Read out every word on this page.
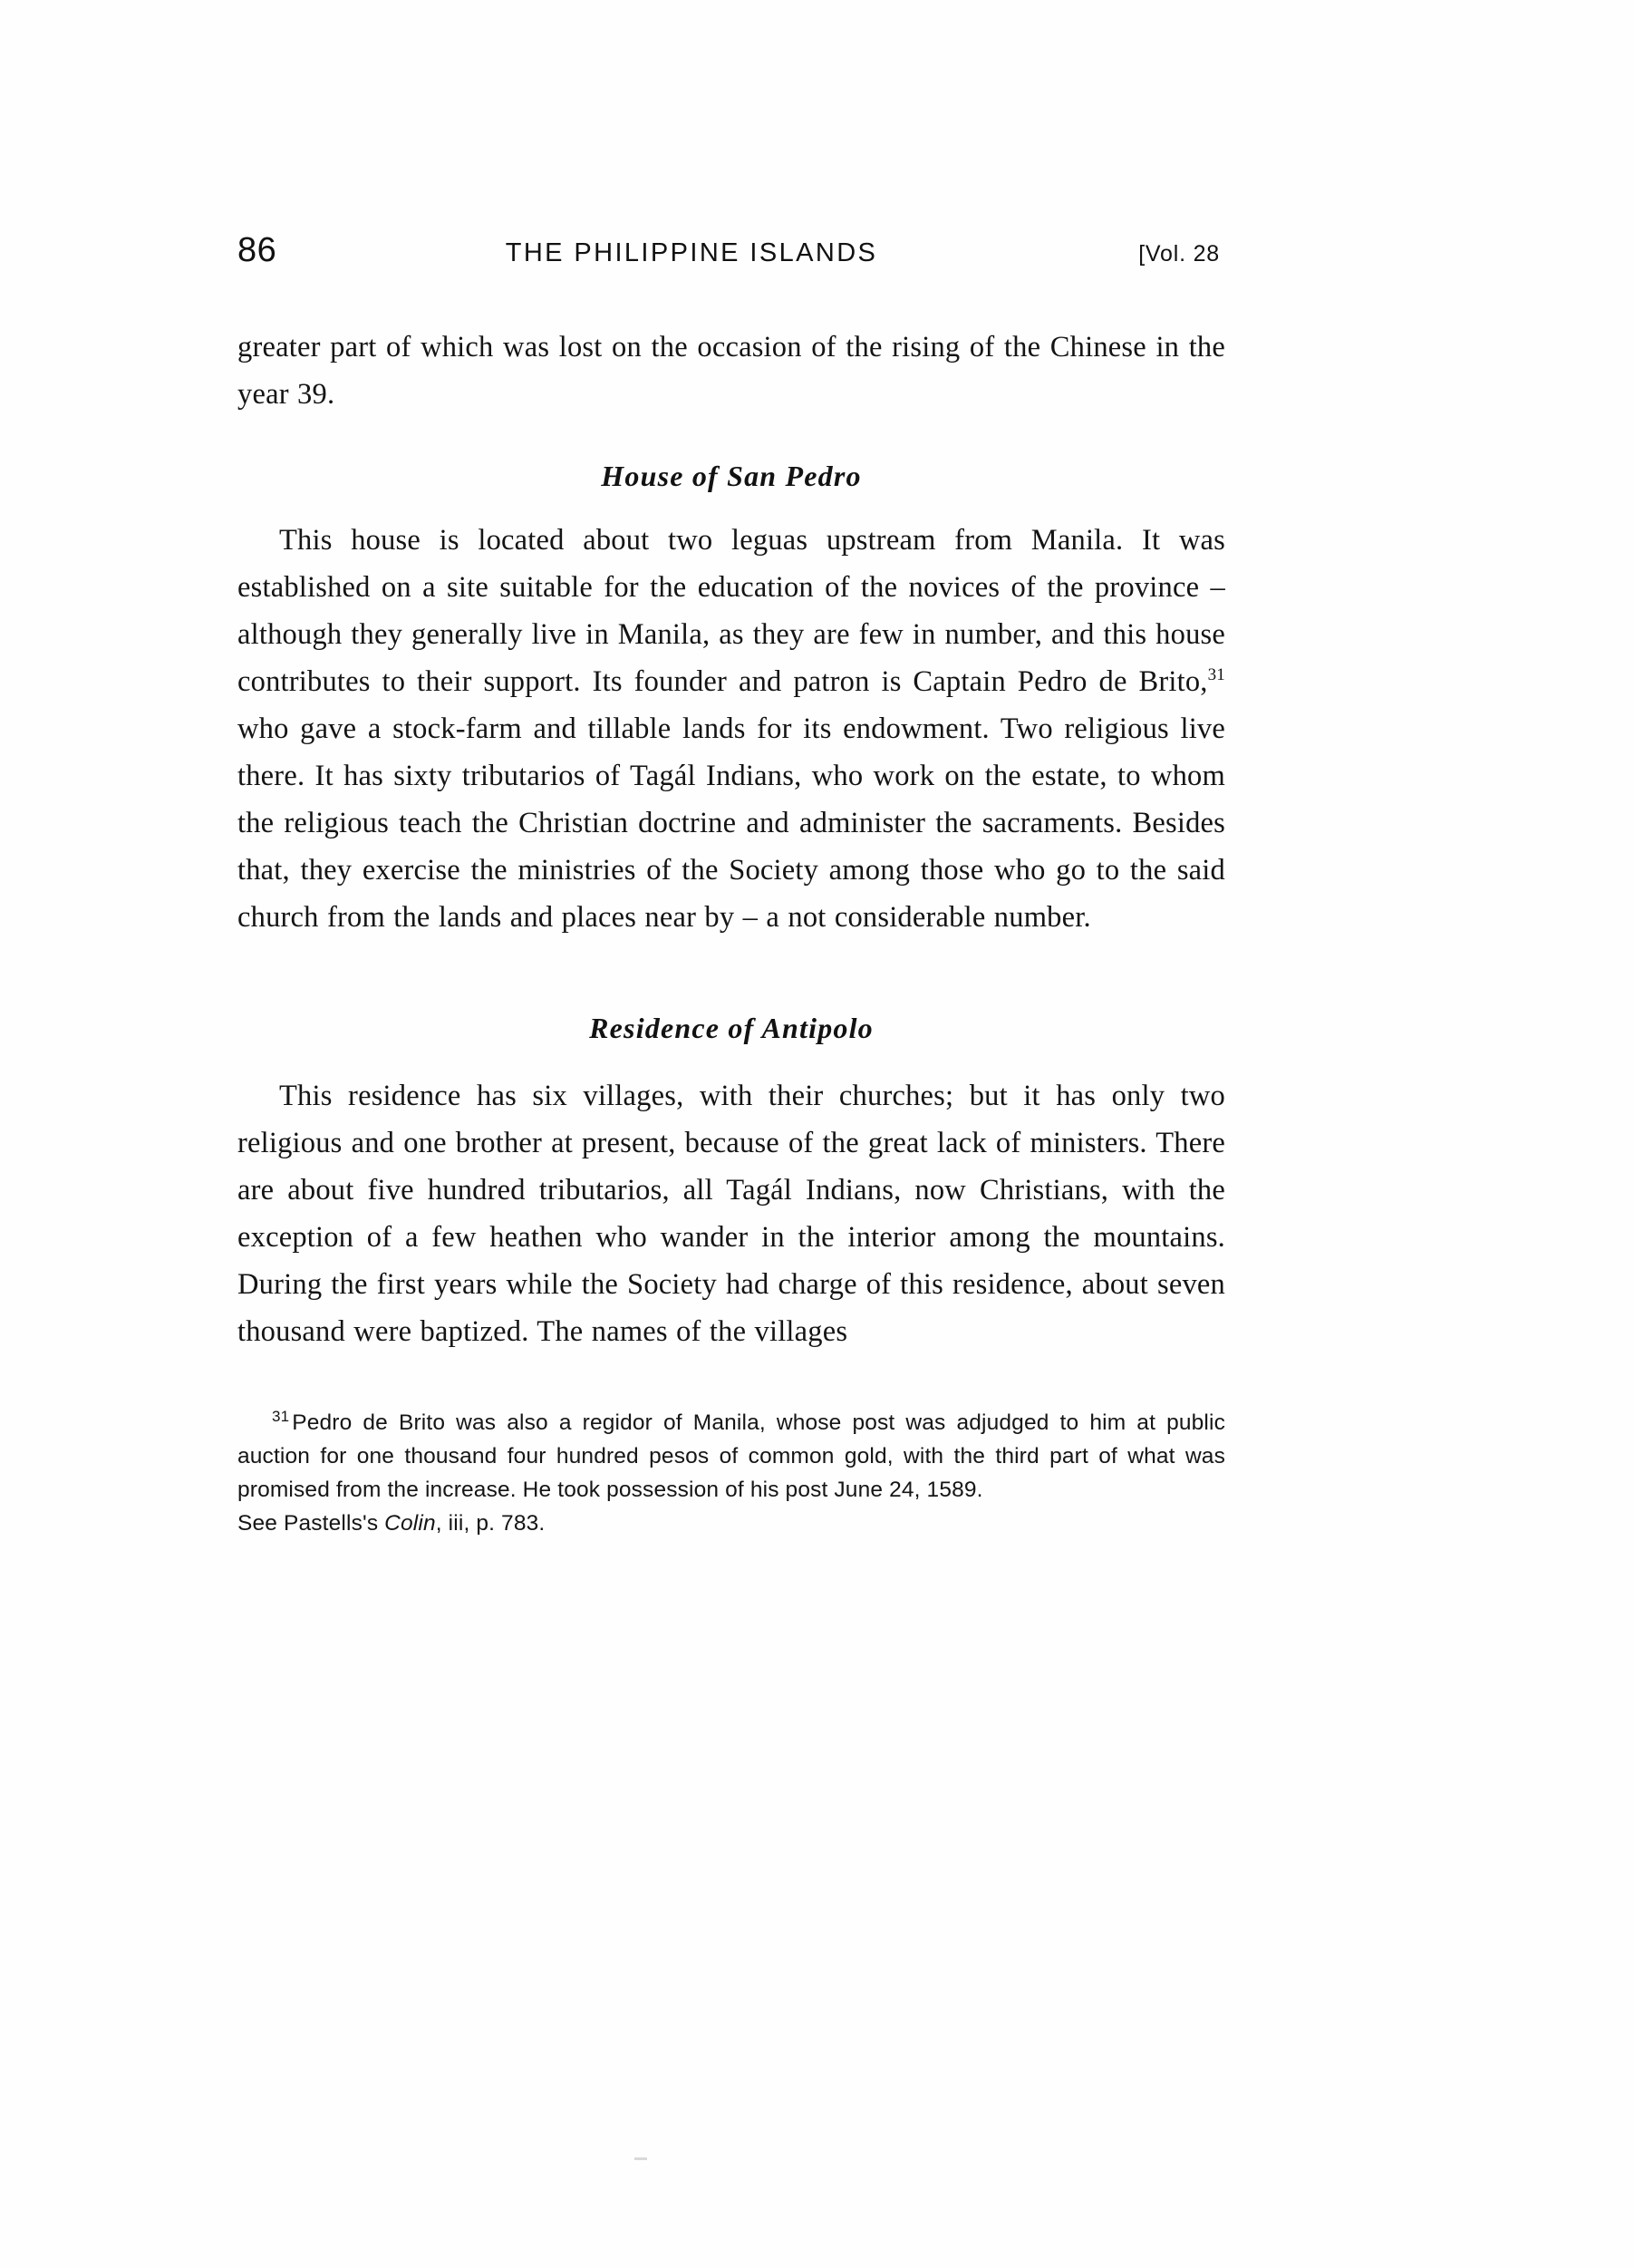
86	THE PHILIPPINE ISLANDS	[Vol. 28

greater part of which was lost on the occasion of the rising of the Chinese in the year 39.

House of San Pedro

This house is located about two leguas upstream from Manila. It was established on a site suitable for the education of the novices of the province – although they generally live in Manila, as they are few in number, and this house contributes to their support. Its founder and patron is Captain Pedro de Brito,$^{31}$ who gave a stock-farm and tillable lands for its endowment. Two religious live there. It has sixty tributarios of Tagál Indians, who work on the estate, to whom the religious teach the Christian doctrine and administer the sacraments. Besides that, they exercise the ministries of the Society among those who go to the said church from the lands and places near by – a not considerable number.

Residence of Antipolo

This residence has six villages, with their churches; but it has only two religious and one brother at present, because of the great lack of ministers. There are about five hundred tributarios, all Tagál Indians, now Christians, with the exception of a few heathen who wander in the interior among the mountains. During the first years while the Society had charge of this residence, about seven thousand were baptized. The names of the villages

$^{31}$ Pedro de Brito was also a regidor of Manila, whose post was adjudged to him at public auction for one thousand four hundred pesos of common gold, with the third part of what was promised from the increase. He took possession of his post June 24, 1589.

See Pastells's Colin, iii, p. 783.
